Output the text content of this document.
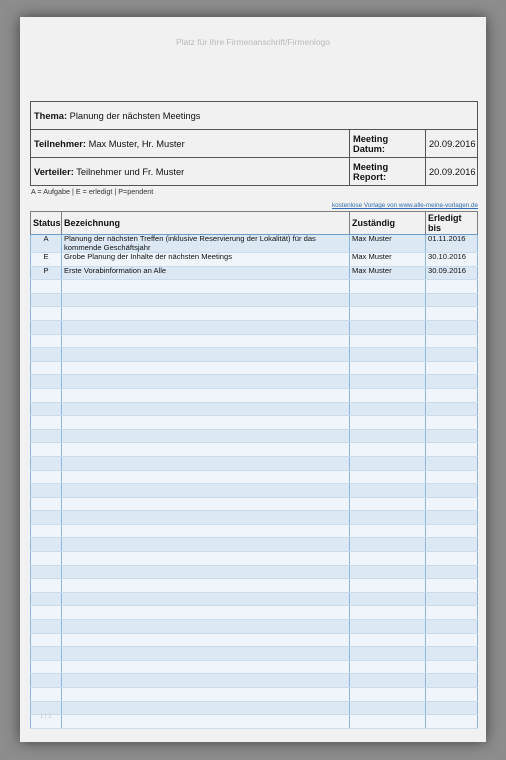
Platz für Ihre Firmenanschrift/Firmenlogo
Thema: Planung der nächsten Meetings		
Teilnehmer: Max Muster, Hr. Muster	Meeting Datum:	20.09.2016
Verteiler: Teilnehmer und Fr. Muster	Meeting Report:	20.09.2016
A = Aufgabe | E = erledigt | P=pendent
kostenlose Vorlage von www.alle-meine-vorlagen.de
Status	Bezeichnung	Zuständig	Erledigt bis
A	Planung der nächsten Treffen (inklusive Reservierung der Lokalität) für das kommende Geschäftsjahr	Max Muster	01.11.2016
E	Grobe Planung der Inhalte der nächsten Meetings	Max Muster	30.10.2016
P	Erste Vorabinformation an Alle	Max Muster	30.09.2016

1 | 1
